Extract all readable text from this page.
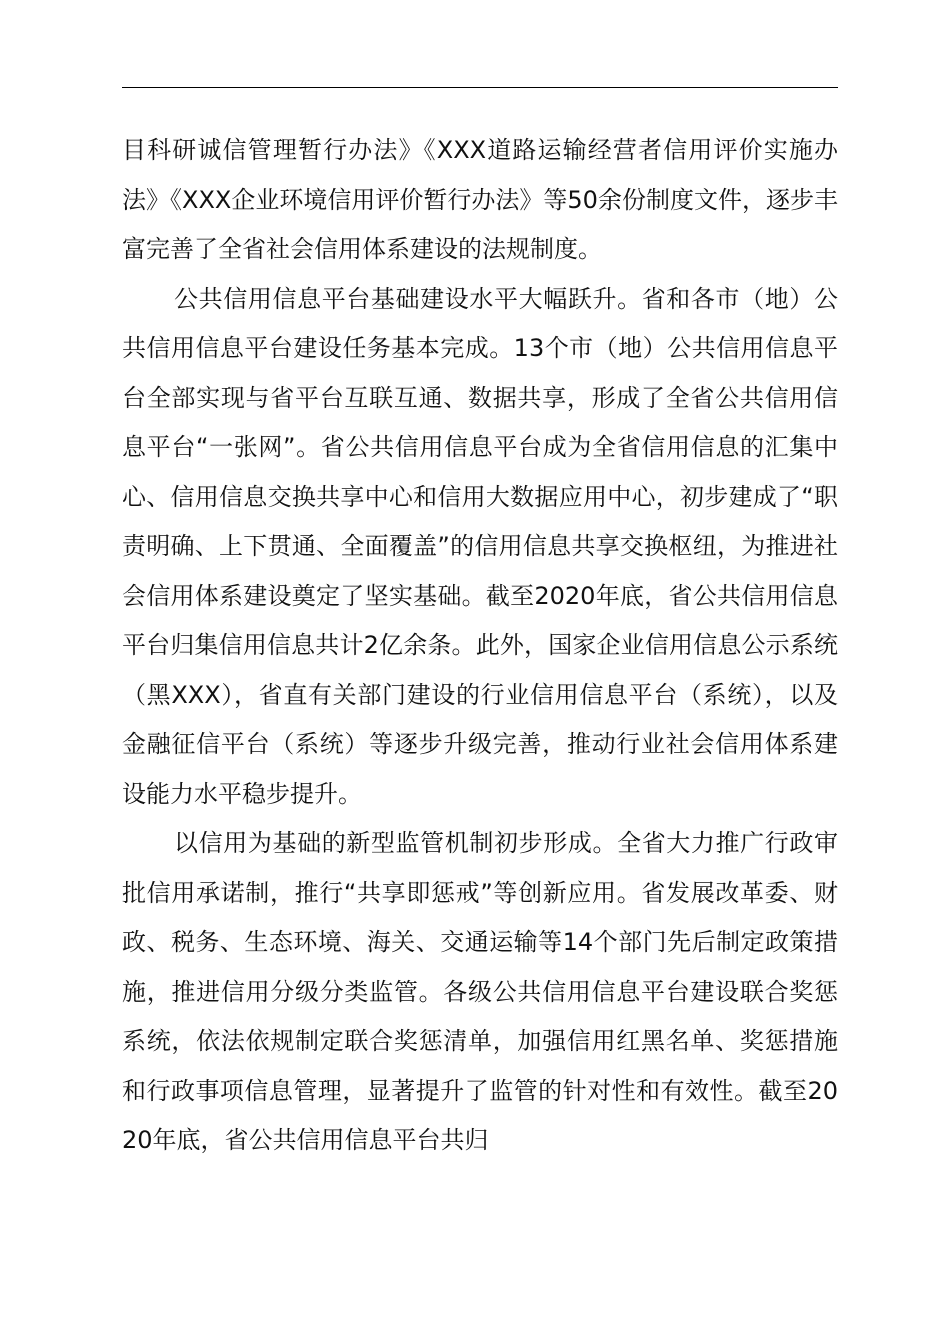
目科研诚信管理暂行办法》《XXX道路运输经营者信用评价实施办法》《XXX企业环境信用评价暂行办法》等50余份制度文件，逐步丰富完善了全省社会信用体系建设的法规制度。

公共信用信息平台基础建设水平大幅跃升。省和各市（地）公共信用信息平台建设任务基本完成。13个市（地）公共信用信息平台全部实现与省平台互联互通、数据共享，形成了全省公共信用信息平台“一张网”。省公共信用信息平台成为全省信用信息的汇集中心、信用信息交换共享中心和信用大数据应用中心，初步建成了“职责明确、上下贯通、全面覆盖”的信用信息共享交换枢纽，为推进社会信用体系建设奠定了坚实基础。截至2020年底，省公共信用信息平台归集信用信息共计2亿余条。此外，国家企业信用信息公示系统（黑XXX），省直有关部门建设的行业信用信息平台（系统），以及金融征信平台（系统）等逐步升级完善，推动行业社会信用体系建设能力水平稳步提升。

以信用为基础的新型监管机制初步形成。全省大力推广行政审批信用承诺制，推行“共享即惩戒”等创新应用。省发展改革委、财政、税务、生态环境、海关、交通运输等14个部门先后制定政策措施，推进信用分级分类监管。各级公共信用信息平台建设联合奖惩系统，依法依规制定联合奖惩清单，加强信用红黑名单、奖惩措施和行政事项信息管理，显著提升了监管的针对性和有效性。截至2020年底，省公共信用信息平台共归
